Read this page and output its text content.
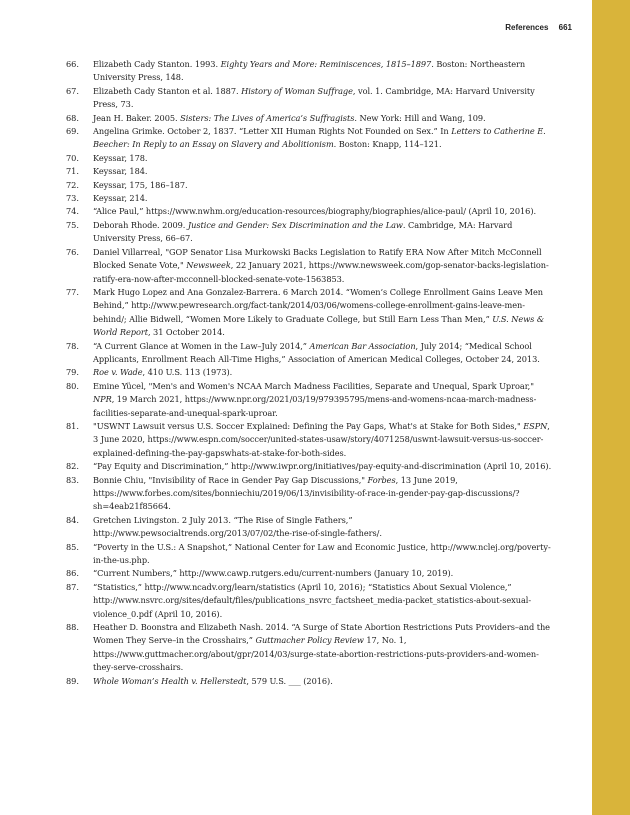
References 661
66. Elizabeth Cady Stanton. 1993. Eighty Years and More: Reminiscences, 1815–1897. Boston: Northeastern University Press, 148.
67. Elizabeth Cady Stanton et al. 1887. History of Woman Suffrage, vol. 1. Cambridge, MA: Harvard University Press, 73.
68. Jean H. Baker. 2005. Sisters: The Lives of America’s Suffragists. New York: Hill and Wang, 109.
69. Angelina Grimke. October 2, 1837. “Letter XII Human Rights Not Founded on Sex.” In Letters to Catherine E. Beecher: In Reply to an Essay on Slavery and Abolitionism. Boston: Knapp, 114–121.
70. Keyssar, 178.
71. Keyssar, 184.
72. Keyssar, 175, 186–187.
73. Keyssar, 214.
74. “Alice Paul,” https://www.nwhm.org/education-resources/biography/biographies/alice-paul/ (April 10, 2016).
75. Deborah Rhode. 2009. Justice and Gender: Sex Discrimination and the Law. Cambridge, MA: Harvard University Press, 66–67.
76. Daniel Villarreal, "GOP Senator Lisa Murkowski Backs Legislation to Ratify ERA Now After Mitch McConnell Blocked Senate Vote," Newsweek, 22 January 2021, https://www.newsweek.com/gop-senator-backs-legislation-ratify-era-now-after-mcconnell-blocked-senate-vote-1563853.
77. Mark Hugo Lopez and Ana Gonzalez-Barrera. 6 March 2014. “Women’s College Enrollment Gains Leave Men Behind,” http://www.pewresearch.org/fact-tank/2014/03/06/womens-college-enrollment-gains-leave-men-behind/; Allie Bidwell, “Women More Likely to Graduate College, but Still Earn Less Than Men,” U.S. News & World Report, 31 October 2014.
78. “A Current Glance at Women in the Law–July 2014,” American Bar Association, July 2014; “Medical School Applicants, Enrollment Reach All-Time Highs,” Association of American Medical Colleges, October 24, 2013.
79. Roe v. Wade, 410 U.S. 113 (1973).
80. Emine Yücel, "Men's and Women's NCAA March Madness Facilities, Separate and Unequal, Spark Uproar," NPR, 19 March 2021, https://www.npr.org/2021/03/19/979395795/mens-and-womens-ncaa-march-madness-facilities-separate-and-unequal-spark-uproar.
81. "USWNT Lawsuit versus U.S. Soccer Explained: Defining the Pay Gaps, What's at Stake for Both Sides," ESPN, 3 June 2020, https://www.espn.com/soccer/united-states-usaw/story/4071258/uswnt-lawsuit-versus-us-soccer-explained-defining-the-pay-gapswhats-at-stake-for-both-sides.
82. “Pay Equity and Discrimination,” http://www.iwpr.org/initiatives/pay-equity-and-discrimination (April 10, 2016).
83. Bonnie Chiu, "Invisibility of Race in Gender Pay Gap Discussions," Forbes, 13 June 2019, https://www.forbes.com/sites/bonniechiu/2019/06/13/invisibility-of-race-in-gender-pay-gap-discussions/?sh=4eab21f85664.
84. Gretchen Livingston. 2 July 2013. “The Rise of Single Fathers,” http://www.pewsocialtrends.org/2013/07/02/the-rise-of-single-fathers/.
85. “Poverty in the U.S.: A Snapshot,” National Center for Law and Economic Justice, http://www.nclej.org/poverty-in-the-us.php.
86. “Current Numbers,” http://www.cawp.rutgers.edu/current-numbers (January 10, 2019).
87. “Statistics,” http://www.ncadv.org/learn/statistics (April 10, 2016); “Statistics About Sexual Violence,” http://www.nsvrc.org/sites/default/files/publications_nsvrc_factsheet_media-packet_statistics-about-sexual-violence_0.pdf (April 10, 2016).
88. Heather D. Boonstra and Elizabeth Nash. 2014. “A Surge of State Abortion Restrictions Puts Providers–and the Women They Serve–in the Crosshairs,” Guttmacher Policy Review 17, No. 1, https://www.guttmacher.org/about/gpr/2014/03/surge-state-abortion-restrictions-puts-providers-and-women-they-serve-crosshairs.
89. Whole Woman’s Health v. Hellerstedt, 579 U.S. ___ (2016).
